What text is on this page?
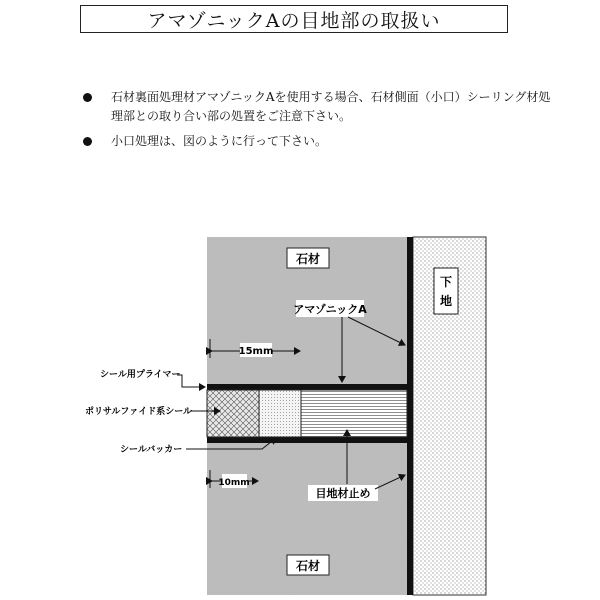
アマゾニックAの目地部の取扱い
石材裏面処理材アマゾニックAを使用する場合、石材側面（小口）シーリング材処理部との取り合い部の処置をご注意下さい。
小口処理は、図のように行って下さい。
石材
石材
下
地
アマゾニックA
15mm
10mm
シール用プライマー
ポリサルファイド系シール
シールバッカー
目地材止め
